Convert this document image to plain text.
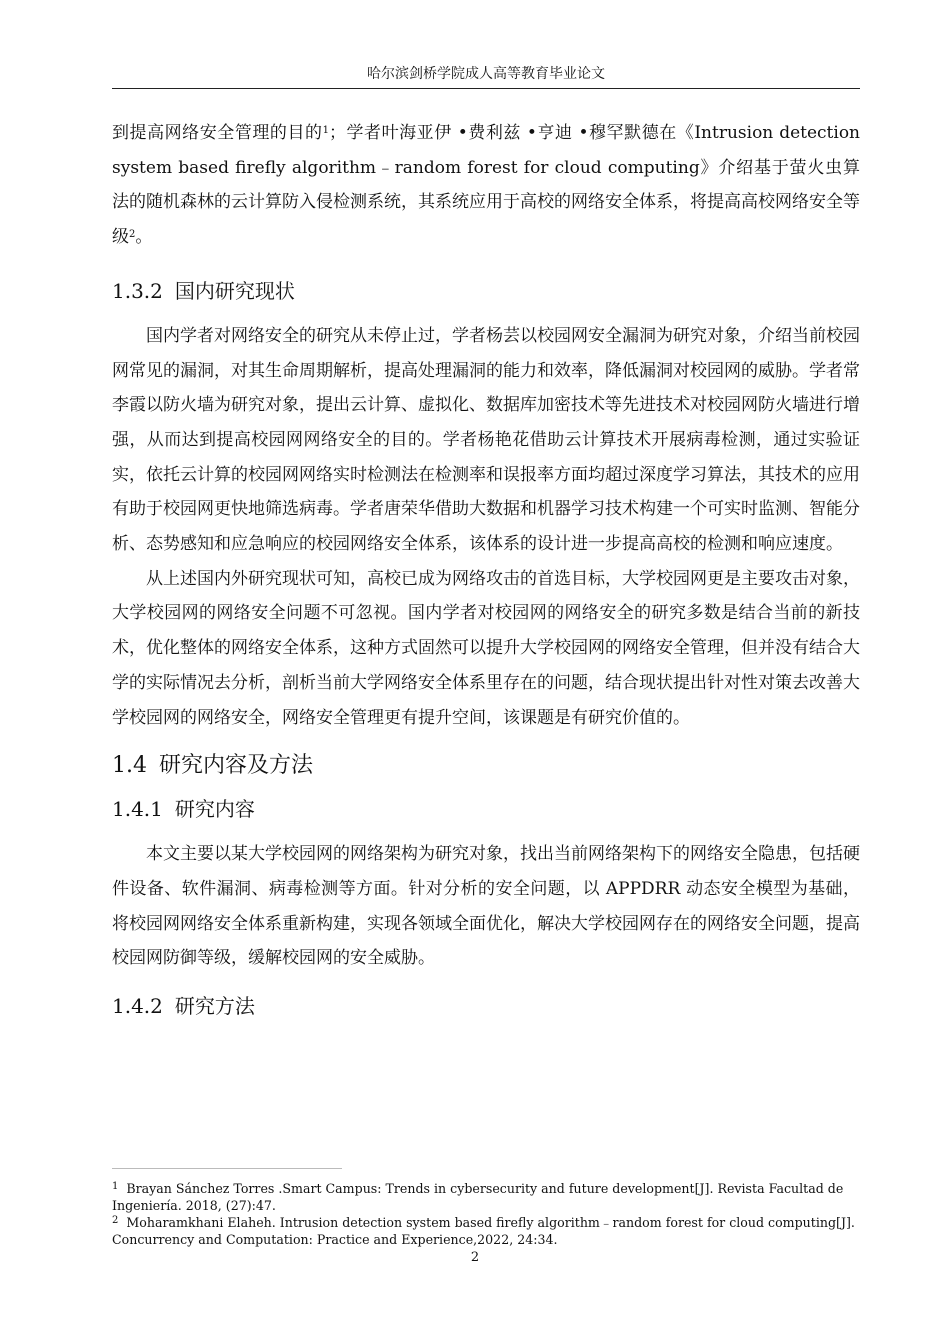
哈尔滨剑桥学院成人高等教育毕业论文

到提高网络安全管理的目的$^1$；学者叶海亚伊 •费利兹 •亨迪 •穆罕默德在《Intrusion detection system based firefly algorithm﹣random forest for cloud computing》介绍基于萤火虫算法的随机森林的云计算防入侵检测系统，其系统应用于高校的网络安全体系，将提高高校网络安全等级$^2$。

1.3.2 国内研究现状

国内学者对网络安全的研究从未停止过，学者杨芸以校园网安全漏洞为研究对象，介绍当前校园网常见的漏洞，对其生命周期解析，提高处理漏洞的能力和效率，降低漏洞对校园网的威胁。学者常李霞以防火墙为研究对象，提出云计算、虚拟化、数据库加密技术等先进技术对校园网防火墙进行增强，从而达到提高校园网网络安全的目的。学者杨艳花借助云计算技术开展病毒检测，通过实验证实，依托云计算的校园网网络实时检测法在检测率和误报率方面均超过深度学习算法，其技术的应用有助于校园网更快地筛选病毒。学者唐荣华借助大数据和机器学习技术构建一个可实时监测、智能分析、态势感知和应急响应的校园网络安全体系，该体系的设计进一步提高高校的检测和响应速度。

从上述国内外研究现状可知，高校已成为网络攻击的首选目标，大学校园网更是主要攻击对象，大学校园网的网络安全问题不可忽视。国内学者对校园网的网络安全的研究多数是结合当前的新技术，优化整体的网络安全体系，这种方式固然可以提升大学校园网的网络安全管理，但并没有结合大学的实际情况去分析，剖析当前大学网络安全体系里存在的问题，结合现状提出针对性对策去改善大学校园网的网络安全，网络安全管理更有提升空间，该课题是有研究价值的。

1.4 研究内容及方法
1.4.1 研究内容

本文主要以某大学校园网的网络架构为研究对象，找出当前网络架构下的网络安全隐患，包括硬件设备、软件漏洞、病毒检测等方面。针对分析的安全问题，以 APPDRR 动态安全模型为基础，将校园网网络安全体系重新构建，实现各领域全面优化，解决大学校园网存在的网络安全问题，提高校园网防御等级，缓解校园网的安全威胁。

1.4.2 研究方法

$^1$ Brayan Sánchez Torres .Smart Campus: Trends in cybersecurity and future development[J]. Revista Facultad de Ingeniería. 2018, (27):47.

$^2$ Moharamkhani Elaheh. Intrusion detection system based firefly algorithm﹣random forest for cloud computing[J]. Concurrency and Computation: Practice and Experience,2022, 24:34.

2
